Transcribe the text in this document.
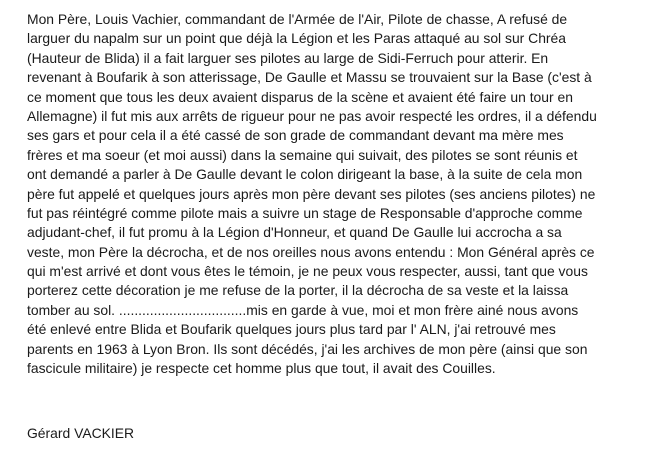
Mon Père, Louis Vachier, commandant de l'Armée de l'Air, Pilote de chasse, A refusé de
larguer du napalm sur un point que déjà la Légion et les Paras attaqué au sol sur Chréa
(Hauteur de Blida) il a fait larguer ses pilotes au large de Sidi-Ferruch pour atterir. En
revenant à Boufarik à son atterissage, De Gaulle et Massu se trouvaient sur la Base (c'est à
ce moment que tous les deux avaient disparus de la scène et avaient été faire un tour en
Allemagne) il fut mis aux arrêts de rigueur pour ne pas avoir respecté les ordres, il a défendu
ses gars et pour cela il a été cassé de son grade de commandant devant ma mère mes
frères et ma soeur (et moi aussi) dans la semaine qui suivait, des pilotes se sont réunis et
ont demandé a parler à De Gaulle devant le colon dirigeant la base, à la suite de cela mon
père fut appelé et quelques jours après mon père devant ses pilotes (ses anciens pilotes) ne
fut pas réintégré comme pilote mais a suivre un stage de Responsable d'approche comme
adjudant-chef, il fut promu à la Légion d'Honneur, et quand De Gaulle lui accrocha a sa
veste, mon Père la décrocha, et de nos oreilles nous avons entendu : Mon Général après ce
qui m'est arrivé et dont vous êtes le témoin, je ne peux vous respecter, aussi, tant que vous
porterez cette décoration je me refuse de la porter, il la décrocha de sa veste et la laissa
tomber au sol. .................................mis en garde à vue, moi et mon frère ainé nous avons
été enlevé entre Blida et Boufarik quelques jours plus tard par l' ALN, j'ai retrouvé mes
parents en 1963 à Lyon Bron. Ils sont décédés, j'ai les archives de mon père (ainsi que son
fascicule militaire) je respecte cet homme plus que tout, il avait des Couilles.
Gérard VACKIER
